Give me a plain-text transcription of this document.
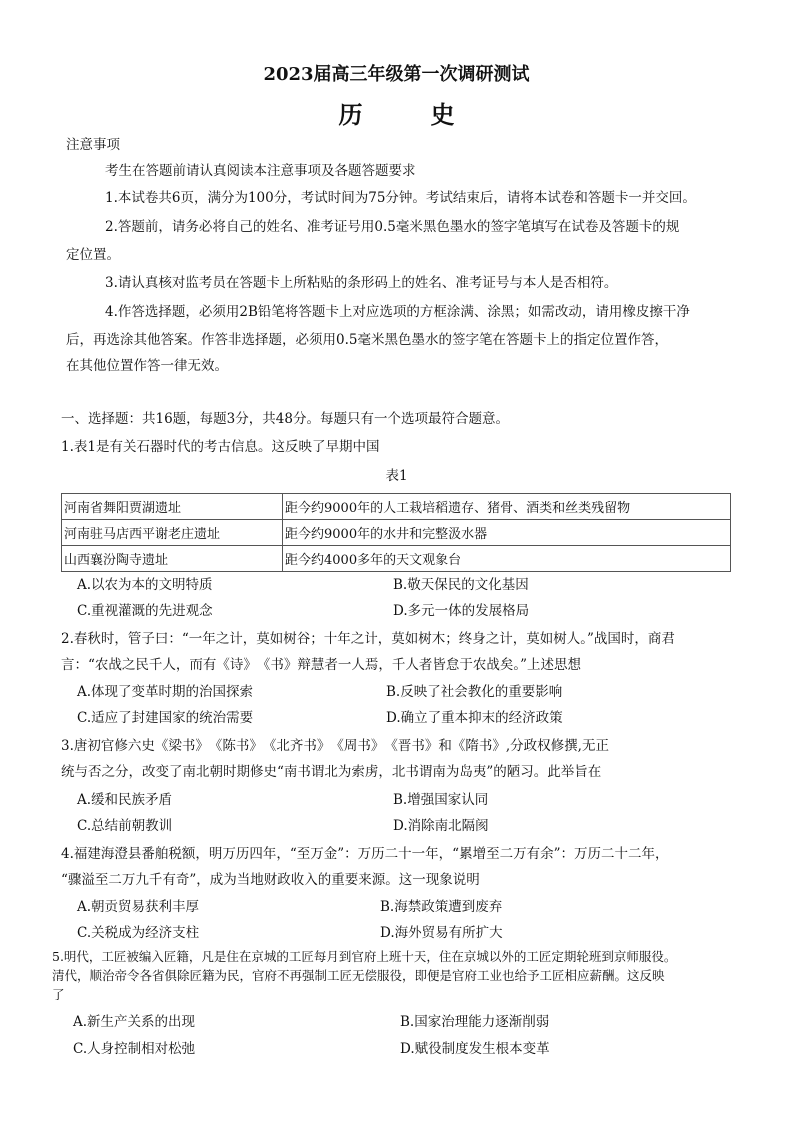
2023届高三年级第一次调研测试
历　史
注意事项
考生在答题前请认真阅读本注意事项及各题答题要求
1.本试卷共6页，满分为100分，考试时间为75分钟。考试结束后，请将本试卷和答题卡一并交回。
2.答题前，请务必将自己的姓名、准考证号用0.5毫米黑色墨水的签字笔填写在试卷及答题卡的规
定位置。
3.请认真核对监考员在答题卡上所粘贴的条形码上的姓名、准考证号与本人是否相符。
4.作答选择题，必须用2B铅笔将答题卡上对应选项的方框涂满、涂黑；如需改动，请用橡皮擦干净
后，再选涂其他答案。作答非选择题，必须用0.5毫米黑色墨水的签字笔在答题卡上的指定位置作答，
在其他位置作答一律无效。
一、选择题：共16题，每题3分，共48分。每题只有一个选项最符合题意。
1.表1是有关石器时代的考古信息。这反映了早期中国
表1
河南省舞阳贾湖遗址	距今约9000年的人工栽培稻遗存、猪骨、酒类和丝类残留物
河南驻马店西平谢老庄遗址	距今约9000年的水井和完整汲水器
山西襄汾陶寺遗址	距今约4000多年的天文观象台
A.以农为本的文明特质	B.敬天保民的文化基因
C.重视灌溉的先进观念	D.多元一体的发展格局
2.春秋时，管子曰：“一年之计，莫如树谷；十年之计，莫如树木；终身之计，莫如树人。”战国时，商君
言：“农战之民千人，而有《诗》　《书》辩慧者一人焉，千人者皆怠于农战矣。”上述思想
A.体现了变革时期的治国探索	B.反映了社会教化的重要影响
C.适应了封建国家的统治需要	D.确立了重本抑末的经济政策
3.唐初官修六史《梁书》　《陈书》　《北齐书》　《周书》　《晋书》和《隋书》,分政权修撰,无正
统与否之分，改变了南北朝时期修史“南书谓北为索虏，北书谓南为岛夷”的陋习。此举旨在
A.缓和民族矛盾	B.增强国家认同
C.总结前朝教训	D.消除南北隔阂
4.福建海澄县番舶税额，明万历四年，“至万金”：万历二十一年，“累增至二万有余”：万历二十二年，
“骤溢至二万九千有奇”，成为当地财政收入的重要来源。这一现象说明
A.朝贡贸易获利丰厚	B.海禁政策遭到废弃
C.关税成为经济支柱	D.海外贸易有所扩大
5.明代，工匠被编入匠籍，凡是住在京城的工匠每月到官府上班十天，住在京城以外的工匠定期轮班到京师服役。
清代，顺治帝令各省俱除匠籍为民，官府不再强制工匠无偿服役，即便是官府工业也给予工匠相应薪酬。这反映
了
A.新生产关系的出现	B.国家治理能力逐渐削弱
C.人身控制相对松弛	D.赋役制度发生根本变革
